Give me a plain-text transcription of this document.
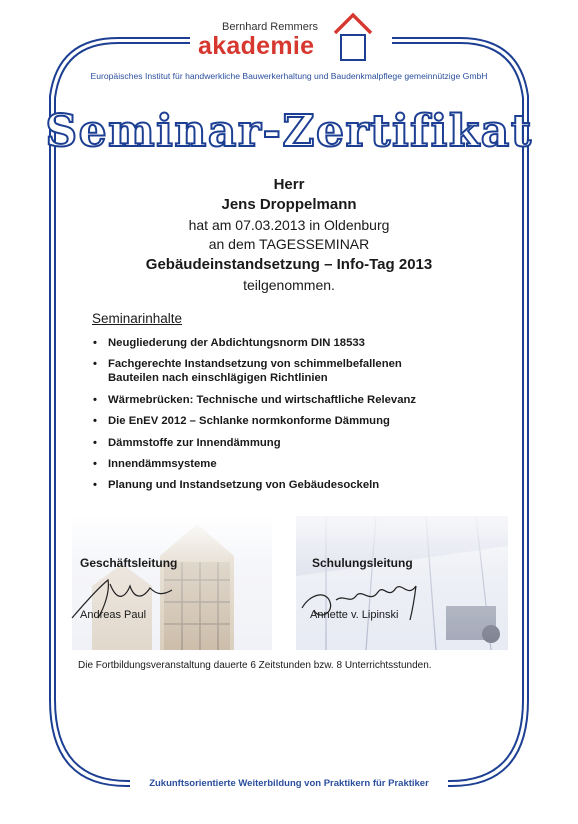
Bernhard Remmers
akademie
Europäisches Institut für handwerkliche Bauwerkerhaltung und Baudenkmalpflege gemeinnützige GmbH
Seminar-Zertifikat
Herr
Jens Droppelmann
hat am 07.03.2013 in Oldenburg
an dem TAGESSEMINAR
Gebäudeinstandsetzung – Info-Tag 2013
teilgenommen.
Seminarinhalte
• Neugliederung der Abdichtungsnorm DIN 18533
• Fachgerechte Instandsetzung von schimmelbefallenen
Bauteilen nach einschlägigen Richtlinien
• Wärmebrücken: Technische und wirtschaftliche Relevanz
• Die EnEV 2012 – Schlanke normkonforme Dämmung
• Dämmstoffe zur Innendämmung
• Innendämmsysteme
• Planung und Instandsetzung von Gebäudesockeln
Geschäftsleitung	Schulungsleitung
Andreas Paul	Annette v. Lipinski
Die Fortbildungsveranstaltung dauerte 6 Zeitstunden bzw. 8 Unterrichtsstunden.
Zukunftsorientierte Weiterbildung von Praktikern für Praktiker
